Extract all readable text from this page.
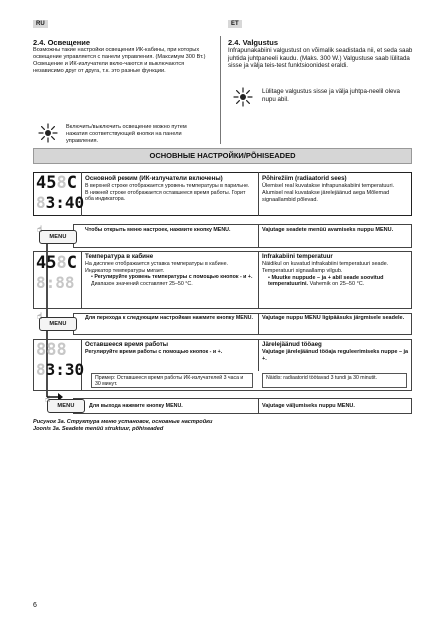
RU	ET
2.4. Освещение
Возможны такие настройки освещения ИК-кабины, при которых освещение управляется с панели управления. (Максимум 300 Вт.) Освещение и ИК-излучатели вклю-чаются и выключаются независимо друг от друга, т.к. это разные функции.
Включить/выключить освещение можно путем нажатия соответствующей кнопки на панели управления.
2.4. Valgustus
Infrapunakabiini valgustust on võimalik seadistada nii, et seda saab juhtida juhtpaneeli kaudu. (Maks. 300 W.) Valgustuse saab lülitada sisse ja välja teis-test funktsioonidest eraldi.
Lülitage valgustus sisse ja välja juhtpa-neelil oleva nupu abil.
ОСНОВНЫЕ НАСТРОЙКИ/PÕHISEADED
458C
83:40
Основной режим (ИК-излучатели включены)
В верхней строке отображается уровень температуры в парильне. В нижней строке отображается оставшееся время работы. Горит оба индикатора.
Põhirežiim (radiaatorid sees)
Ülemisel real kuvatakse infrapunakabiini temperatuuri. Alumisel real kuvatakse järelejäänud aega Mõlemad signaallambid põlevad.
MENU
☝	Чтобы открыть меню настроек, нажмите кнопку MENU.	Vajutage seadete menüü avamiseks nuppu MENU.
458C
8:88
Температура в кабине
На дисплее отображается уставка температуры в кабине. Индикатор температуры мигает.
• Регулируйте уровень температуры с помощью кнопок - и +. Диапазон значений составляет 25–50 °C.
Infrakabiini temperatuur
Näidikul on kuvatud infrakabiini temperatuuri seade. Temperatuuri signaallamp vilgub.
• Muutke nuppude – ja + abil seade soovitud temperatuurini. Vahemik on 25–50 °C.
MENU
☝	Для перехода к следующим настройкам нажмите кнопку MENU. Vajutage nuppu MENU ligipääsuks järgmisele seadele.
888
83:30
Оставшееся время работы
Регулируйте время работы с помощью кнопок - и +.
Järelejäänud tööaeg
Vajutage järelejäänud tööaja reguleerimiseks nuppe – ja +.
Пример: Оставшееся время работы ИК-излучателей 3 часа и 30 минут.
Näidis: radiaatorid töötavad 3 tundi ja 30 minutit.
MENU
☝
Для выхода нажмите кнопку MENU.	Vajutage väljumiseks nuppu MENU.
Рисунок 3а. Структура меню установок, основные настройки
Joonis 3a. Seadete menüü struktuur, põhiseaded
6
